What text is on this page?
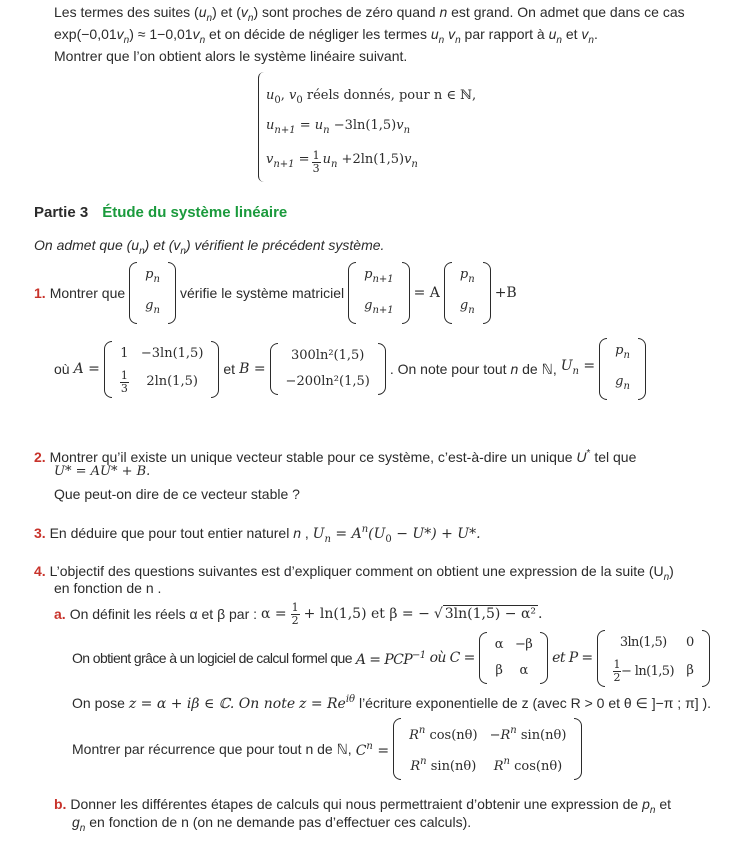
Les termes des suites $(u_n)$ et $(v_n)$ sont proches de zéro quand n est grand. On admet que dans ce cas
$\exp(-0,01v_n) \approx 1-0,01v_n$ et on décide de négliger les termes $u_n$ $v_n$ par rapport à $u_n$ et $v_n$.
Montrer que l’on obtient alors le système linéaire suivant.
$u_0$, $v_0$ réels donnés, pour n ∈ ℕ,
$u_{n+1} = u_n -3\ln(1,5)v_n$
$v_{n+1} = \frac{1}{3} u_n +2\ln(1,5)v_n$
Partie 3 Étude du système linéaire
On admet que $(u_n)$ et $(v_n)$ vérifient le précédent système.
1. Montrer que
$p_n$
$g_n$
vérifie le système matriciel
$p_{n+1}$
$g_{n+1}$
= A
$p_n$
$g_n$
+B
où A =
1	−3ln(1,5)

$\frac{1}{3}$	2ln(1,5)
et B =
300ln²(1,5)
−200ln²(1,5)
. On note pour tout n de ℕ, $U_n$ =
$p_n$
$g_n$
2. Montrer qu’il existe un unique vecteur stable pour ce système, c’est-à-dire un unique U* tel que
U* = AU* + B.
Que peut-on dire de ce vecteur stable ?
3. En déduire que pour tout entier naturel n , $U_n = A^n(U_0 - U*) + U*$.
4. L’objectif des questions suivantes est d’expliquer comment on obtient une expression de la suite $(U_n)$
en fonction de n .
a. On définit les réels α et β par : $\alpha = \frac{1}{2} + \ln(1,5)$ et β = − √ 3ln(1,5) − α² .
On obtient grâce à un logiciel de calcul formel que $A = PCP^{-1}$ où C =
α	−β
β	α
et P =
3ln(1,5)	0

$\frac{1}{2} - \ln(1,5)$	β
On pose z = α + iβ ∈ ℂ. On note $z = Re^{i\theta}$ l’écriture exponentielle de z (avec R > 0 et θ ∈ ]−π ; π] ).
Montrer par récurrence que pour tout n de ℕ, $C^n$ =
$R^n$ cos(nθ)	$-R^n$ sin(nθ)
$R^n$ sin(nθ)	$R^n$ cos(nθ)
b. Donner les différentes étapes de calculs qui nous permettraient d’obtenir une expression de $p_n$ et
$g_n$ en fonction de n (on ne demande pas d’effectuer ces calculs).
